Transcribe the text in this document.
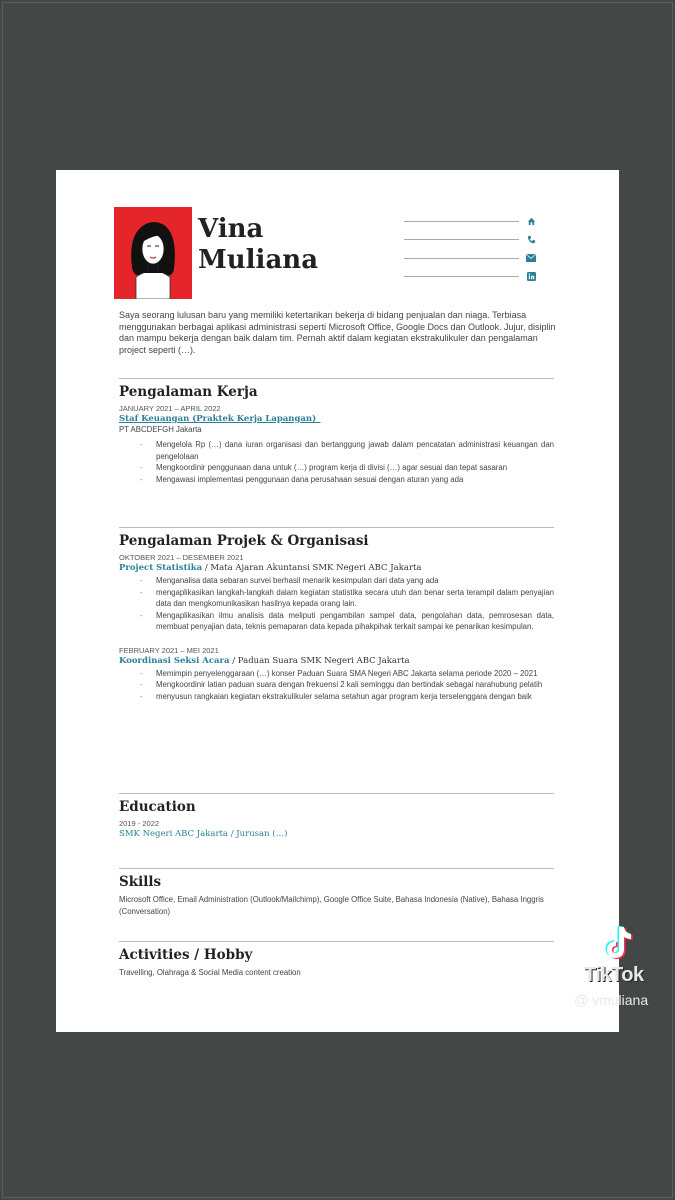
Vina
Muliana
Saya seorang lulusan baru yang memiliki ketertarikan bekerja di bidang penjualan dan niaga. Terbiasa menggunakan berbagai aplikasi administrasi seperti Microsoft Office, Google Docs dan Outlook. Jujur, disiplin dan mampu bekerja dengan baik dalam tim. Pernah aktif dalam kegiatan ekstrakulikuler dan pengalaman project seperti (…).
Pengalaman Kerja
JANUARY 2021 – APRIL 2022
Staf Keuangan (Praktek Kerja Lapangan)_
PT ABCDEFGH Jakarta
- Mengelola Rp (…) dana iuran organisasi dan bertanggung jawab dalam pencatatan administrasi keuangan dan pengelolaan
- Mengkoordinir penggunaan dana untuk (…) program kerja di divisi (…) agar sesuai dan tepat sasaran
- Mengawasi implementasi penggunaan dana perusahaan sesuai dengan aturan yang ada
Pengalaman Projek & Organisasi
OKTOBER 2021 – DESEMBER 2021
Project Statistika / Mata Ajaran Akuntansi SMK Negeri ABC Jakarta
- Menganalisa data sebaran survei berhasil menarik kesimpulan dari data yang ada
- mengaplikasikan langkah-langkah dalam kegiatan statistika secara utuh dan benar serta terampil dalam penyajian data dan mengkomunikasikan hasilnya kepada orang lain.
- Mengaplikasikan ilmu analisis data meliputi pengambilan sampel data, pengolahan data, pemrosesan data, membuat penyajian data, teknis pemaparan data kepada pihakpihak terkait sampai ke penarikan kesimpulan.
FEBRUARY 2021 – MEI 2021
Koordinasi Seksi Acara / Paduan Suara SMK Negeri ABC Jakarta
- Memimpin penyelenggaraan (…) konser Paduan Suara SMA Negeri ABC Jakarta selama periode 2020 – 2021
- Mengkoordinir latian paduan suara dengan frekuensi 2 kali seminggu dan bertindak sebagai narahubung pelatih
- menyusun rangkaian kegiatan ekstrakulikuler selama setahun agar program kerja terselenggara dengan baik
Education
2019 - 2022
SMK Negeri ABC Jakarta / Jurusan (…)
Skills
Microsoft Office, Email Administration (Outlook/Mailchimp), Google Office Suite, Bahasa Indonesia (Native), Bahasa Inggris (Conversation)
Activities / Hobby
Travelling, Olahraga & Social Media content creation	TikTok
@ vmuliana
